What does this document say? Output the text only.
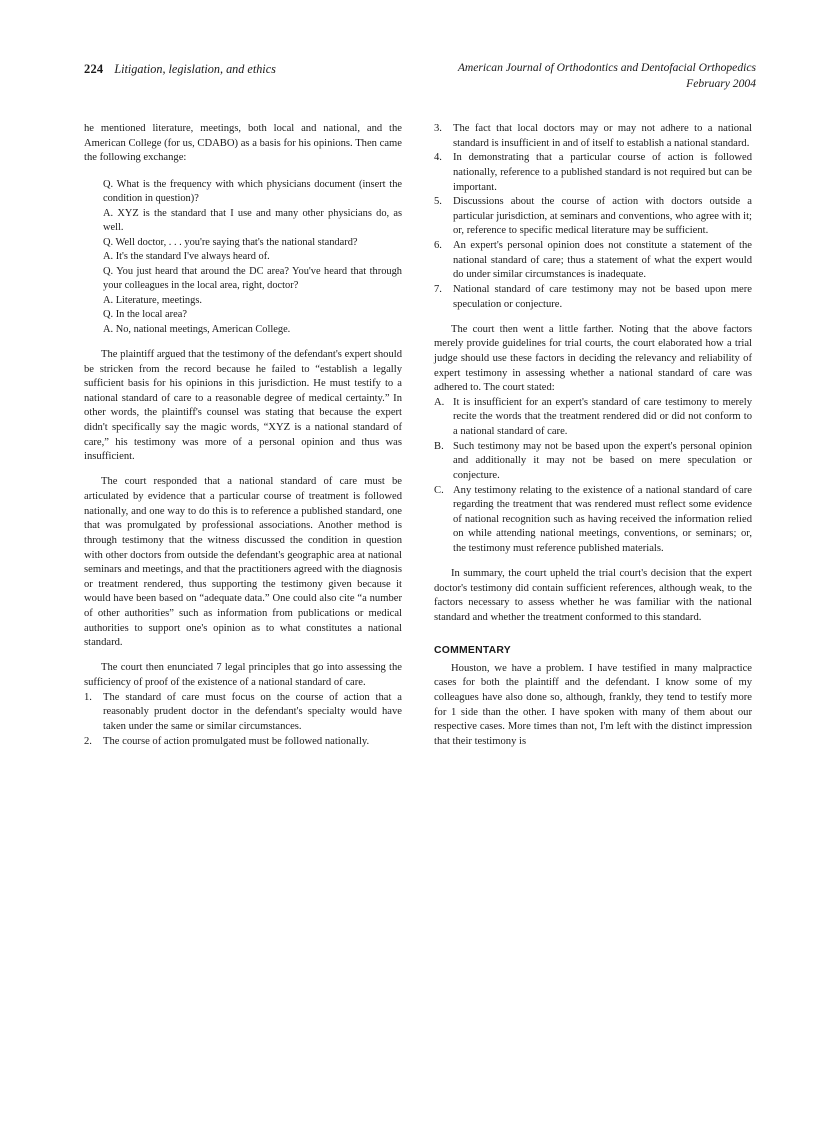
224 Litigation, legislation, and ethics	American Journal of Orthodontics and Dentofacial Orthopedics
February 2004

he mentioned literature, meetings, both local and national, and the American College (for us, CDABO) as a basis for his opinions. Then came the following exchange:

Q. What is the frequency with which physicians document (insert the condition in question)?

A. XYZ is the standard that I use and many other physicians do, as well.

Q. Well doctor, . . . you're saying that's the national standard?

A. It's the standard I've always heard of.

Q. You just heard that around the DC area? You've heard that through your colleagues in the local area, right, doctor?

A. Literature, meetings.

Q. In the local area?

A. No, national meetings, American College.

The plaintiff argued that the testimony of the defendant's expert should be stricken from the record because he failed to “establish a legally sufficient basis for his opinions in this jurisdiction. He must testify to a national standard of care to a reasonable degree of medical certainty.” In other words, the plaintiff's counsel was stating that because the expert didn't specifically say the magic words, “XYZ is a national standard of care,” his testimony was more of a personal opinion and thus was insufficient.

The court responded that a national standard of care must be articulated by evidence that a particular course of treatment is followed nationally, and one way to do this is to reference a published standard, one that was promulgated by professional associations. Another method is through testimony that the witness discussed the condition in question with other doctors from outside the defendant's geographic area at national seminars and meetings, and that the practitioners agreed with the diagnosis or treatment rendered, thus supporting the testimony given because it would have been based on “adequate data.” One could also cite “a number of other authorities” such as information from publications or medical authorities to support one's opinion as to what constitutes a national standard.

The court then enunciated 7 legal principles that go into assessing the sufficiency of proof of the existence of a national standard of care.

1.	The standard of care must focus on the course of action that a reasonably prudent doctor in the defendant's specialty would have taken under the same or similar circumstances.
2.	The course of action promulgated must be followed nationally.
3.	The fact that local doctors may or may not adhere to a national standard is insufficient in and of itself to establish a national standard.
4.	In demonstrating that a particular course of action is followed nationally, reference to a published standard is not required but can be important.
5.	Discussions about the course of action with doctors outside a particular jurisdiction, at seminars and conventions, who agree with it; or, reference to specific medical literature may be sufficient.
6.	An expert's personal opinion does not constitute a statement of the national standard of care; thus a statement of what the expert would do under similar circumstances is inadequate.
7.	National standard of care testimony may not be based upon mere speculation or conjecture.

The court then went a little farther. Noting that the above factors merely provide guidelines for trial courts, the court elaborated how a trial judge should use these factors in deciding the relevancy and reliability of expert testimony in assessing whether a national standard of care was adhered to. The court stated:

A. It is insufficient for an expert's standard of care testimony to merely recite the words that the treatment rendered did or did not conform to a national standard of care.
B. Such testimony may not be based upon the expert's personal opinion and additionally it may not be based on mere speculation or conjecture.
C. Any testimony relating to the existence of a national standard of care regarding the treatment that was rendered must reflect some evidence of national recognition such as having received the information relied on while attending national meetings, conventions, or seminars; or, the testimony must reference published materials.

In summary, the court upheld the trial court's decision that the expert doctor's testimony did contain sufficient references, although weak, to the factors necessary to assess whether he was familiar with the national standard and whether the treatment conformed to this standard.

COMMENTARY

Houston, we have a problem. I have testified in many malpractice cases for both the plaintiff and the defendant. I know some of my colleagues have also done so, although, frankly, they tend to testify more for 1 side than the other. I have spoken with many of them about our respective cases. More times than not, I'm left with the distinct impression that their testimony is
